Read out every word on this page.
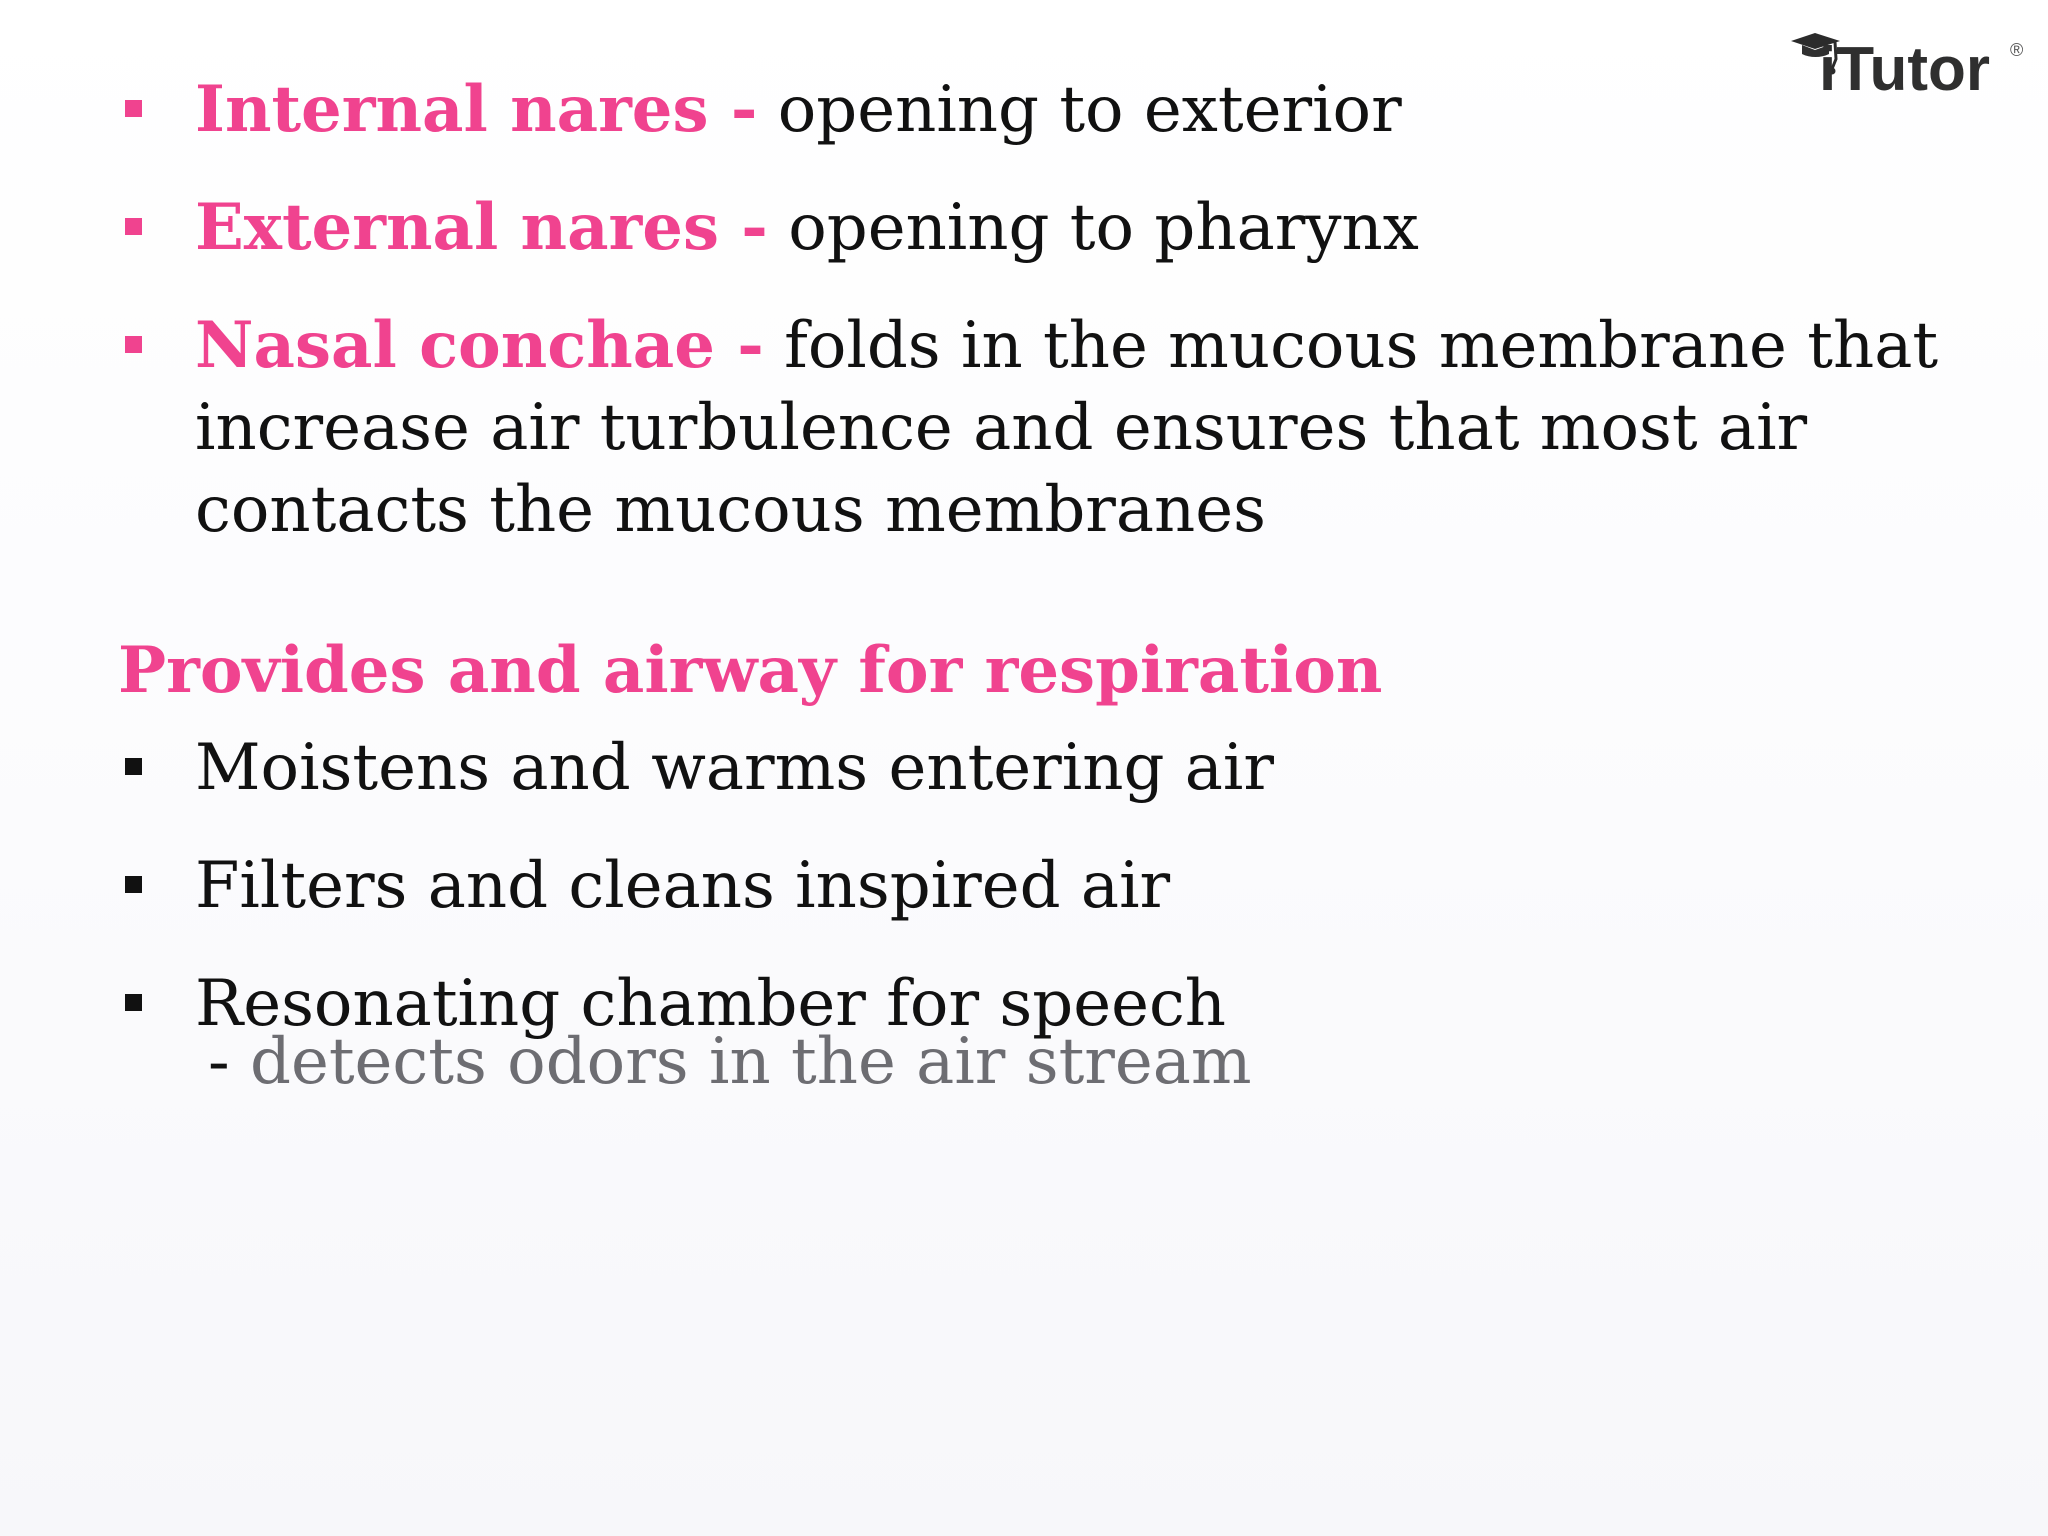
iTutor ®
Internal nares - opening to exterior
External nares - opening to pharynx
Nasal conchae - folds in the mucous membrane that increase air turbulence and ensures that most air contacts the mucous membranes
Provides and airway for respiration
Moistens and warms entering air
Filters and cleans inspired air
Resonating chamber for speech

- detects odors in the air stream
